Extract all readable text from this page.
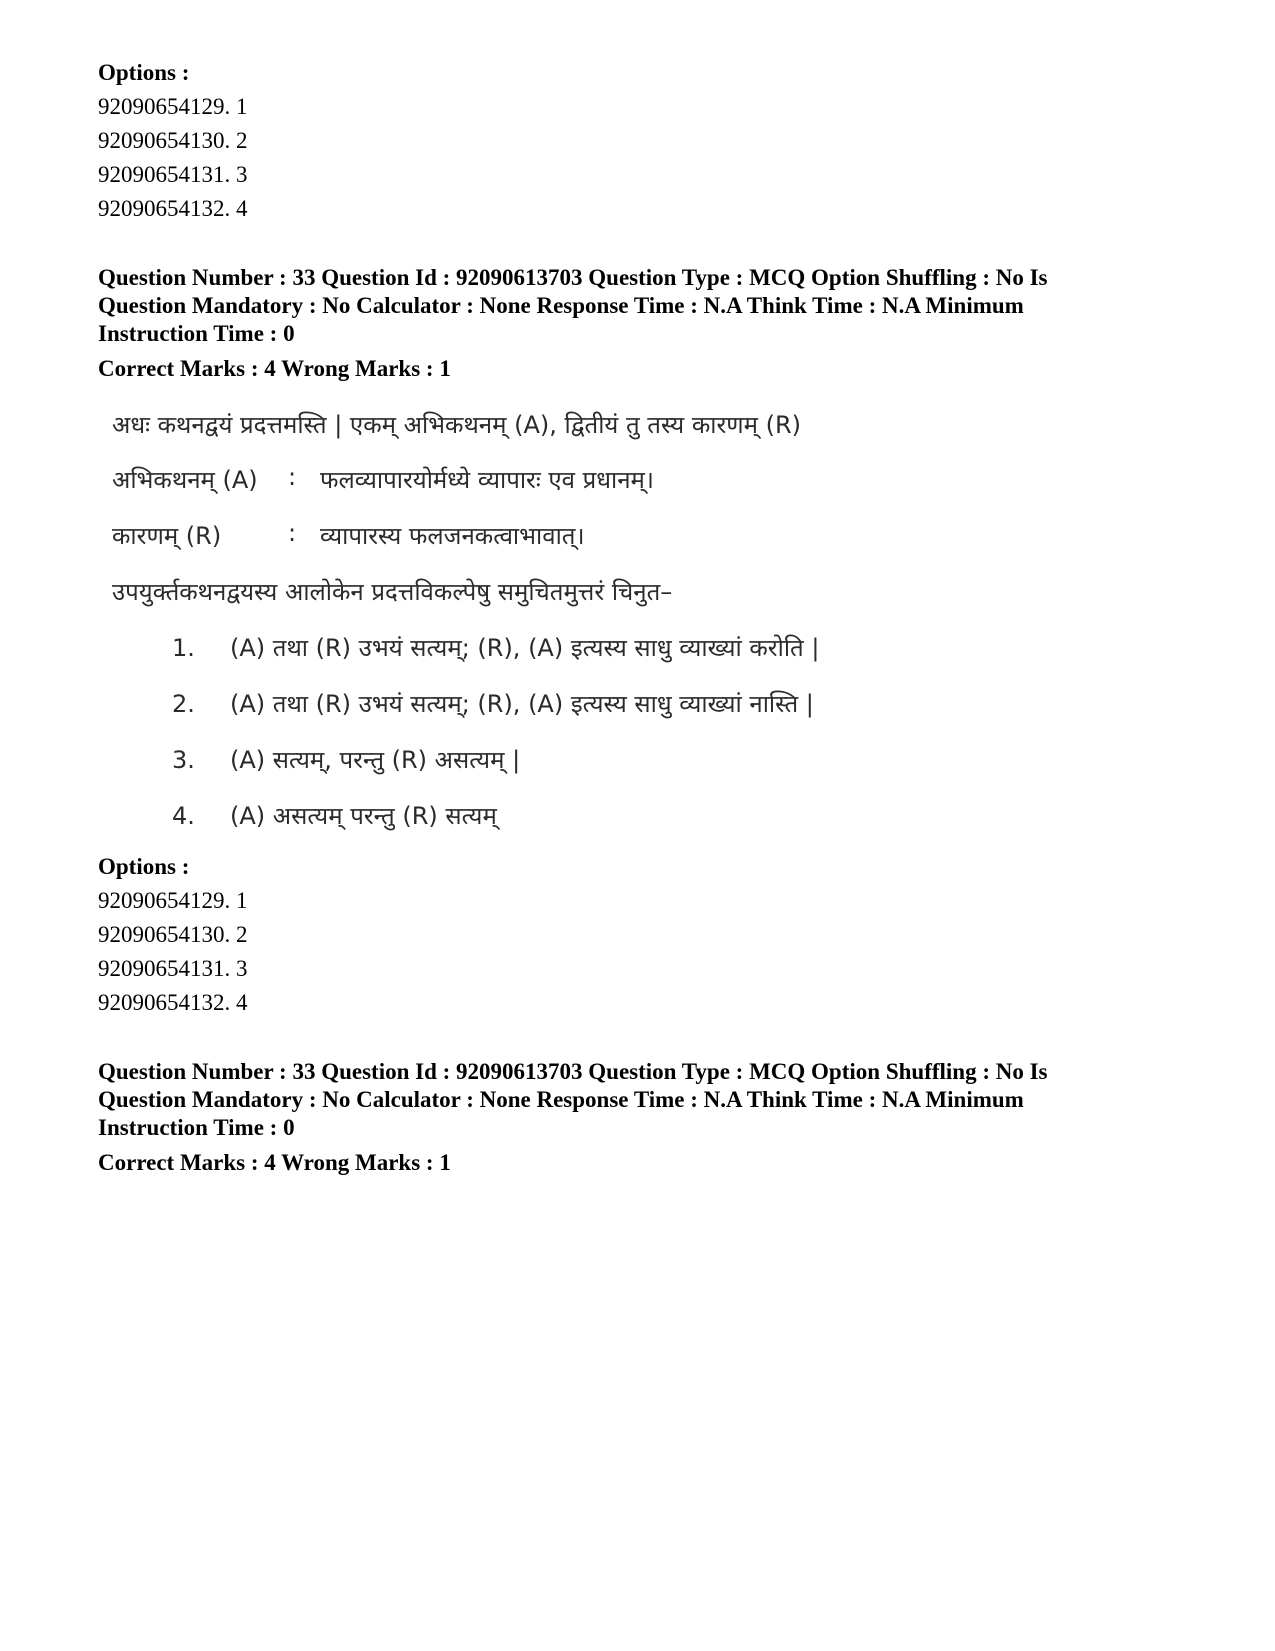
Options :
92090654129. 1
92090654130. 2
92090654131. 3
92090654132. 4
Question Number : 33 Question Id : 92090613703 Question Type : MCQ Option Shuffling : No Is
Question Mandatory : No Calculator : None Response Time : N.A Think Time : N.A Minimum
Instruction Time : 0
Correct Marks : 4 Wrong Marks : 1
अधः कथनद्वयं प्रदत्तमस्ति | एकम् अभिकथनम् (A), द्वितीयं तु तस्य कारणम् (R)
अभिकथनम् (A) : फलव्यापारयोर्मध्ये व्यापारः एव प्रधानम्।
कारणम् (R)	: व्यापारस्य फलजनकत्वाभावात्।
उपयुर्क्तकथनद्वयस्य आलोकेन प्रदत्तविकल्पेषु समुचितमुत्तरं चिनुत–
1. (A) तथा (R) उभयं सत्यम्; (R), (A) इत्यस्य साधु व्याख्यां करोति |
2. (A) तथा (R) उभयं सत्यम्; (R), (A) इत्यस्य साधु व्याख्यां नास्ति |
3. (A) सत्यम्, परन्तु (R) असत्यम् |
4. (A) असत्यम् परन्तु (R) सत्यम्
Options :
92090654129. 1
92090654130. 2
92090654131. 3
92090654132. 4
Question Number : 33 Question Id : 92090613703 Question Type : MCQ Option Shuffling : No Is
Question Mandatory : No Calculator : None Response Time : N.A Think Time : N.A Minimum
Instruction Time : 0
Correct Marks : 4 Wrong Marks : 1
